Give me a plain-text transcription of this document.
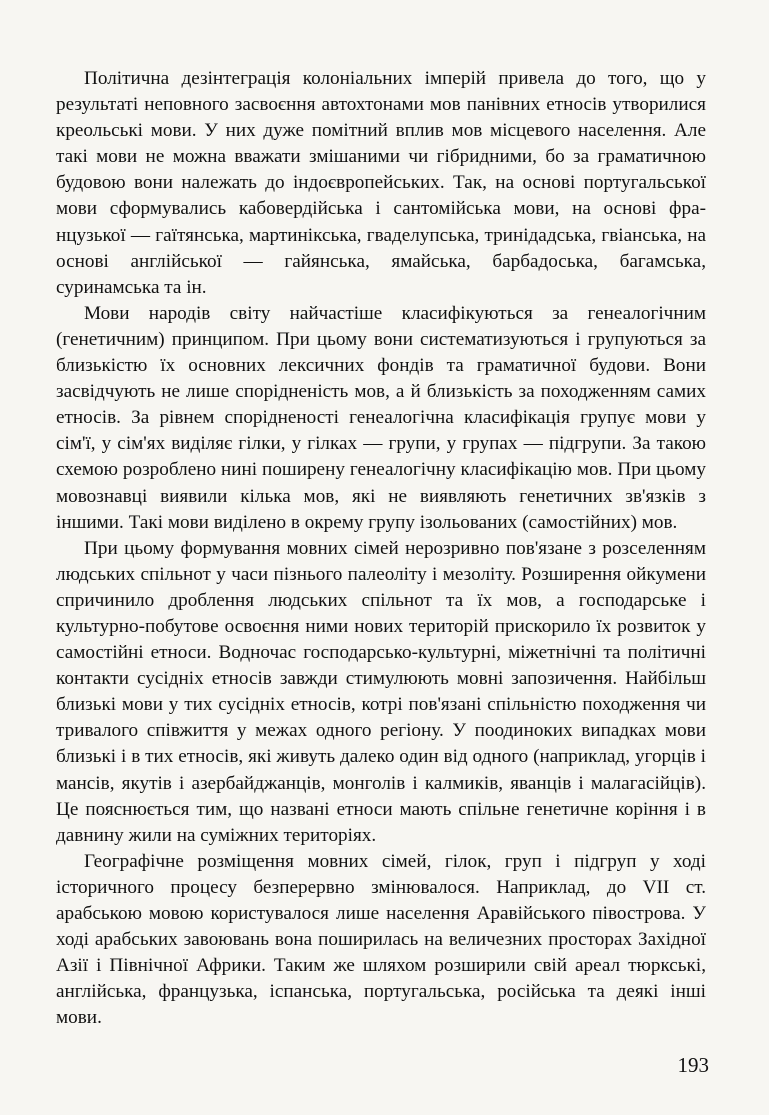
Політична дезінтеграція колоніальних імперій привела до того, що у результаті неповного засвоєння автохтонами мов панівних етносів утворилися креольські мови. У них дуже помітний вплив мов місцевого населення. Але такі мови не можна вважати змішаними чи гібридними, бо за граматичною будовою вони належать до індоєвропейських. Так, на основі португальської мови сформувались кабовердійська і сантомійська мови, на основі французької — гаїтянська, мартинікська, гваделупська, тринідадська, гвіанська, на основі англійської — гайянська, ямайська, барбадоська, багамська, суринамська та ін.

Мови народів світу найчастіше класифікуються за генеалогічним (генетичним) принципом. При цьому вони систематизуються і групуються за близькістю їх основних лексичних фондів та граматичної будови. Вони засвідчують не лише спорідненість мов, а й близькість за походженням самих етносів. За рівнем споріднeності генеалогічна класифікація групує мови у сім'ї, у сім'ях виділяє гілки, у гілках — групи, у групах — підгрупи. За такою схемою розроблено нині поширену генеалогічну класифікацію мов. При цьому мовознавці виявили кілька мов, які не виявляють генетичних зв'язків з іншими. Такі мови виділено в окрему групу ізольованих (самостійних) мов.

При цьому формування мовних сімей нерозривно пов'язане з розселенням людських спільнот у часи пізнього палеоліту і мезоліту. Розширення ойкумени спричинило дроблення людських спільнот та їх мов, а господарське і культурно-побутове освоєння ними нових територій прискорило їх розвиток у самостійні етноси. Водночас господарсько-культурні, міжетнічні та політичні контакти сусідніх етносів завжди стимулюють мовні запозичення. Найбільш близькі мови у тих сусідніх етносів, котрі пов'язані спільністю походження чи тривалого співжиття у межах одного регіону. У поодиноких випадках мови близькі і в тих етносів, які живуть далеко один від одного (наприклад, угорців і мансів, якутів і азербайджанців, монголів і калмиків, яванців і малагасійців). Це пояснюється тим, що названі етноси мають спільне генетичне коріння і в давнину жили на суміжних територіях.

Географічне розміщення мовних сімей, гілок, груп і підгруп у ході історичного процесу безперервно змінювалося. Наприклад, до VII ст. арабською мовою користувалося лише населення Аравійського півострова. У ході арабських завоювань вона поширилась на величезних просторах Західної Азії і Північної Африки. Таким же шляхом розширили свій ареал тюркські, англійська, французька, іспанська, португальська, російська та деякі інші мови.

193
